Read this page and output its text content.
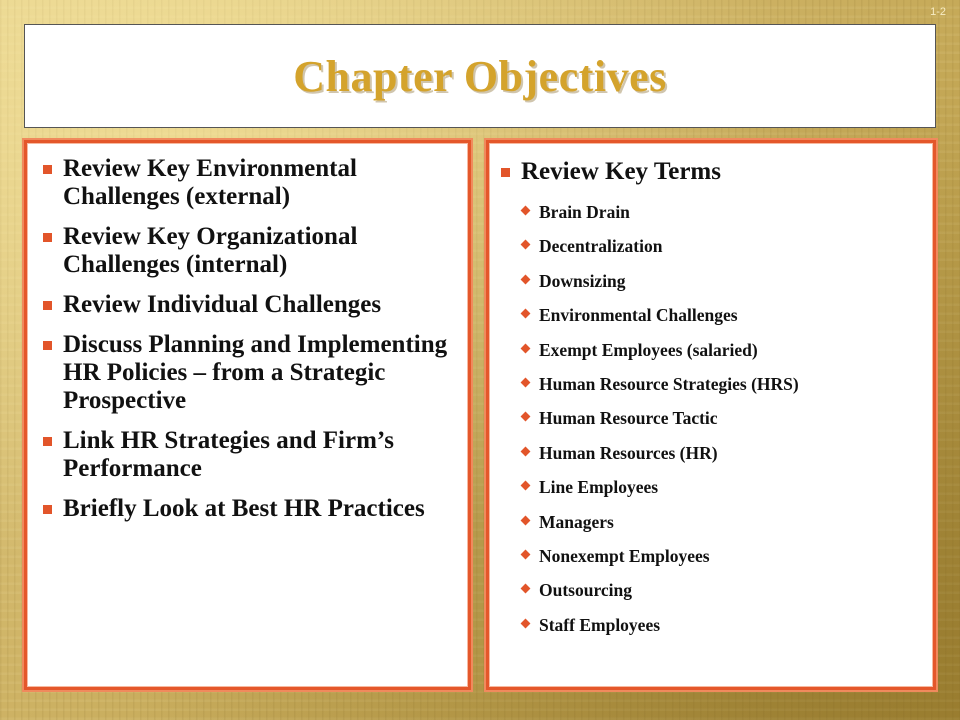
1-2
Chapter Objectives
Review Key Environmental Challenges (external)
Review Key Organizational Challenges (internal)
Review Individual Challenges
Discuss Planning and Implementing HR Policies – from a Strategic Prospective
Link HR Strategies and Firm’s Performance
Briefly Look at Best HR Practices
Review Key Terms
Brain Drain
Decentralization
Downsizing
Environmental Challenges
Exempt Employees (salaried)
Human Resource Strategies (HRS)
Human Resource Tactic
Human Resources (HR)
Line Employees
Managers
Nonexempt Employees
Outsourcing
Staff Employees
